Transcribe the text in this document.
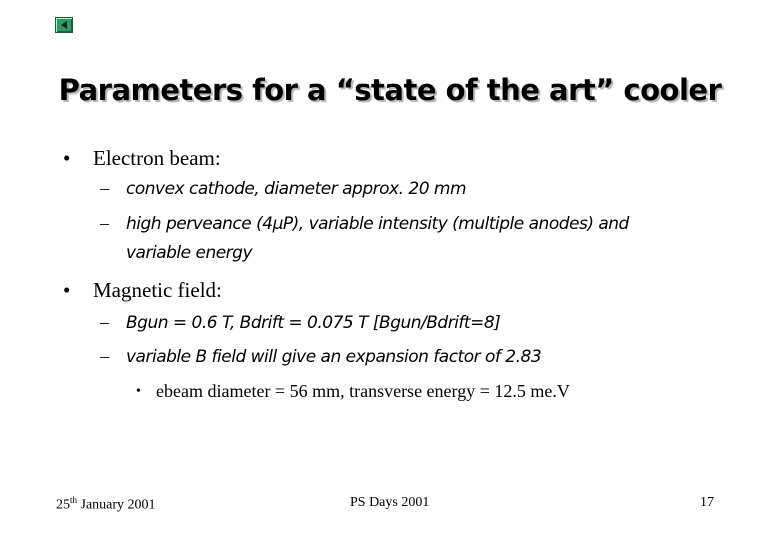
Parameters for a “state of the art” cooler
• Electron beam:
– convex cathode, diameter approx. 20 mm
– high perveance (4μP), variable intensity (multiple anodes) and
variable energy
• Magnetic field:
– Bgun = 0.6 T, Bdrift = 0.075 T [Bgun/Bdrift=8]
– variable B field will give an expansion factor of 2.83
• ebeam diameter = 56 mm, transverse energy = 12.5 me.V
25th January 2001	PS Days 2001	17
